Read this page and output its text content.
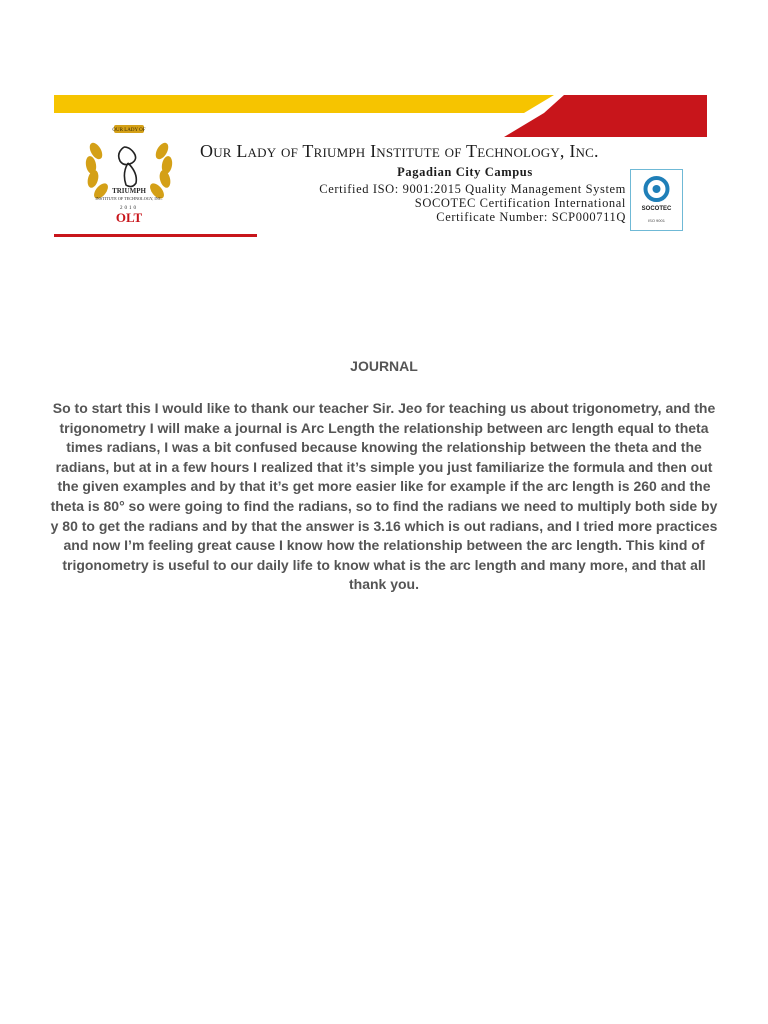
OUR LADY OF
TRIUMPH
INSTITUTE OF TECHNOLOGY, INC.
2010
OLT
Our Lady of Triumph Institute of Technology, Inc.
Pagadian City Campus
Certified ISO: 9001:2015 Quality Management System
SOCOTEC Certification International
Certificate Number: SCP000711Q
SOCOTEC
ISO 9001
JOURNAL
So to start this I would like to thank our teacher Sir. Jeo for teaching us about trigonometry, and the trigonometry I will make a journal is Arc Length the relationship between arc length equal to theta times radians, I was a bit confused because knowing the relationship between the theta and the radians, but at in a few hours I realized that it’s simple you just familiarize the formula and then out the given examples and by that it’s get more easier like for example if the arc length is 260 and the theta is 80° so were going to find the radians, so to find the radians we need to multiply both side by y 80 to get the radians and by that the answer is 3.16 which is out radians, and I tried more practices and now I’m feeling great cause I know how the relationship between the arc length. This kind of trigonometry is useful to our daily life to know what is the arc length and many more, and that all thank you.
